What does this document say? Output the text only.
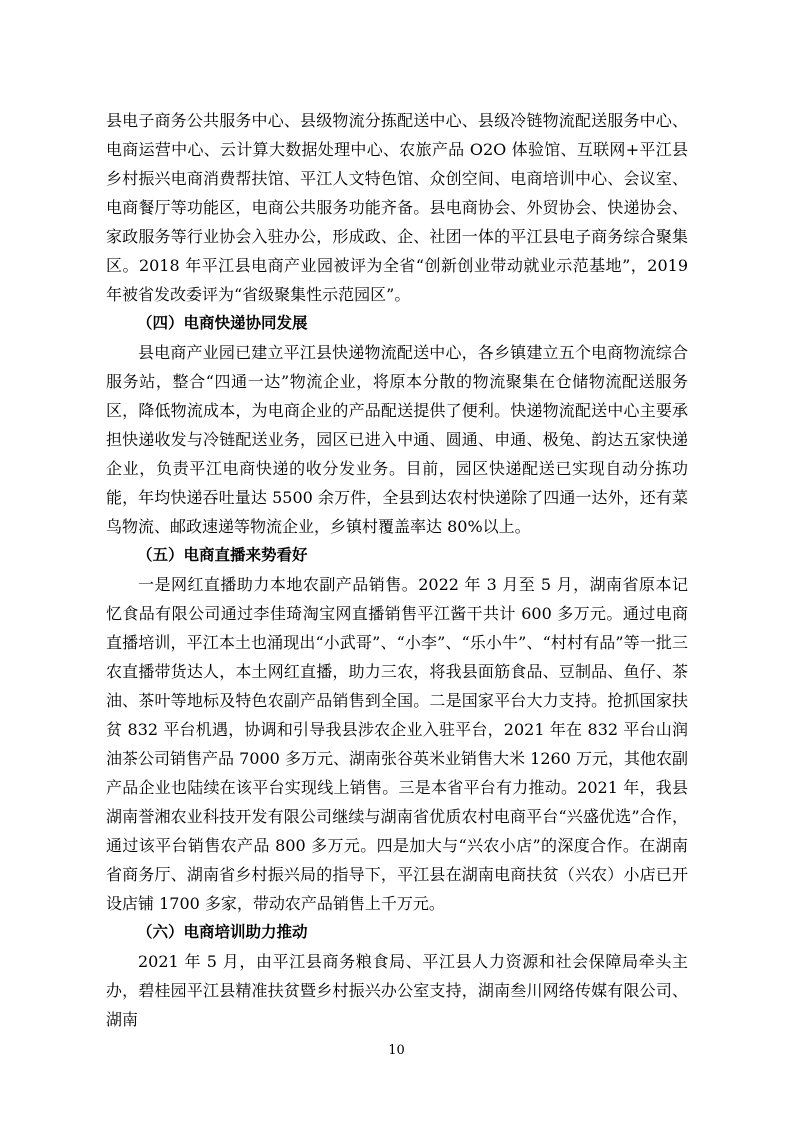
县电子商务公共服务中心、县级物流分拣配送中心、县级冷链物流配送服务中心、电商运营中心、云计算大数据处理中心、农旅产品 O2O 体验馆、互联网+平江县乡村振兴电商消费帮扶馆、平江人文特色馆、众创空间、电商培训中心、会议室、电商餐厅等功能区，电商公共服务功能齐备。县电商协会、外贸协会、快递协会、家政服务等行业协会入驻办公，形成政、企、社团一体的平江县电子商务综合聚集区。2018 年平江县电商产业园被评为全省“创新创业带动就业示范基地”，2019 年被省发改委评为“省级聚集性示范园区”。

（四）电商快递协同发展

县电商产业园已建立平江县快递物流配送中心，各乡镇建立五个电商物流综合服务站，整合“四通一达”物流企业，将原本分散的物流聚集在仓储物流配送服务区，降低物流成本，为电商企业的产品配送提供了便利。快递物流配送中心主要承担快递收发与冷链配送业务，园区已进入中通、圆通、申通、极兔、韵达五家快递企业，负责平江电商快递的收分发业务。目前，园区快递配送已实现自动分拣功能，年均快递吞吐量达 5500 余万件，全县到达农村快递除了四通一达外，还有菜鸟物流、邮政速递等物流企业，乡镇村覆盖率达 80%以上。

（五）电商直播来势看好

一是网红直播助力本地农副产品销售。2022 年 3 月至 5 月，湖南省原本记忆食品有限公司通过李佳琦淘宝网直播销售平江酱干共计 600 多万元。通过电商直播培训，平江本土也涌现出“小武哥”、“小李”、“乐小牛”、“村村有品”等一批三农直播带货达人，本土网红直播，助力三农，将我县面筋食品、豆制品、鱼仔、茶油、茶叶等地标及特色农副产品销售到全国。二是国家平台大力支持。抢抓国家扶贫 832 平台机遇，协调和引导我县涉农企业入驻平台，2021 年在 832 平台山润油茶公司销售产品 7000 多万元、湖南张谷英米业销售大米 1260 万元，其他农副产品企业也陆续在该平台实现线上销售。三是本省平台有力推动。2021 年，我县湖南誉湘农业科技开发有限公司继续与湖南省优质农村电商平台“兴盛优选”合作，通过该平台销售农产品 800 多万元。四是加大与“兴农小店”的深度合作。在湖南省商务厅、湖南省乡村振兴局的指导下，平江县在湖南电商扶贫（兴农）小店已开设店铺 1700 多家，带动农产品销售上千万元。

（六）电商培训助力推动

2021 年 5 月，由平江县商务粮食局、平江县人力资源和社会保障局牵头主办，碧桂园平江县精准扶贫暨乡村振兴办公室支持，湖南叁川网络传媒有限公司、湖南

10
